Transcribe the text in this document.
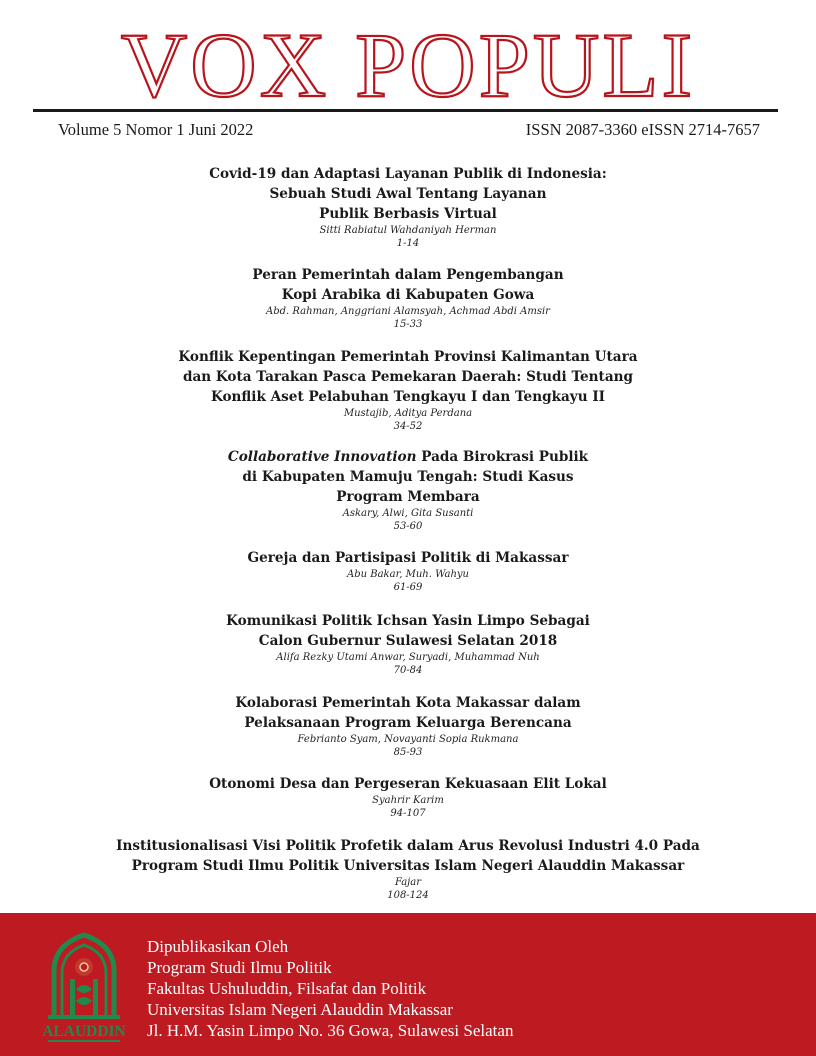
VOX POPULI
Volume 5 Nomor 1 Juni 2022	ISSN 2087-3360 eISSN 2714-7657
Covid-19 dan Adaptasi Layanan Publik di Indonesia:
Sebuah Studi Awal Tentang Layanan
Publik Berbasis Virtual
Sitti Rabiatul Wahdaniyah Herman
1-14
Peran Pemerintah dalam Pengembangan
Kopi Arabika di Kabupaten Gowa
Abd. Rahman, Anggriani Alamsyah, Achmad Abdi Amsir
15-33
Konflik Kepentingan Pemerintah Provinsi Kalimantan Utara
dan Kota Tarakan Pasca Pemekaran Daerah: Studi Tentang
Konflik Aset Pelabuhan Tengkayu I dan Tengkayu II
Mustajib, Aditya Perdana
34-52
Collaborative Innovation Pada Birokrasi Publik
di Kabupaten Mamuju Tengah: Studi Kasus
Program Membara
Askary, Alwi, Gita Susanti
53-60
Gereja dan Partisipasi Politik di Makassar
Abu Bakar, Muh. Wahyu
61-69
Komunikasi Politik Ichsan Yasin Limpo Sebagai
Calon Gubernur Sulawesi Selatan 2018
Alifa Rezky Utami Anwar, Suryadi, Muhammad Nuh
70-84
Kolaborasi Pemerintah Kota Makassar dalam
Pelaksanaan Program Keluarga Berencana
Febrianto Syam, Novayanti Sopia Rukmana
85-93
Otonomi Desa dan Pergeseran Kekuasaan Elit Lokal
Syahrir Karim
94-107
Institusionalisasi Visi Politik Profetik dalam Arus Revolusi Industri 4.0 Pada
Program Studi Ilmu Politik Universitas Islam Negeri Alauddin Makassar
Fajar
108-124
ALAUDDIN
Dipublikasikan Oleh
Program Studi Ilmu Politik
Fakultas Ushuluddin, Filsafat dan Politik
Universitas Islam Negeri Alauddin Makassar
Jl. H.M. Yasin Limpo No. 36 Gowa, Sulawesi Selatan
